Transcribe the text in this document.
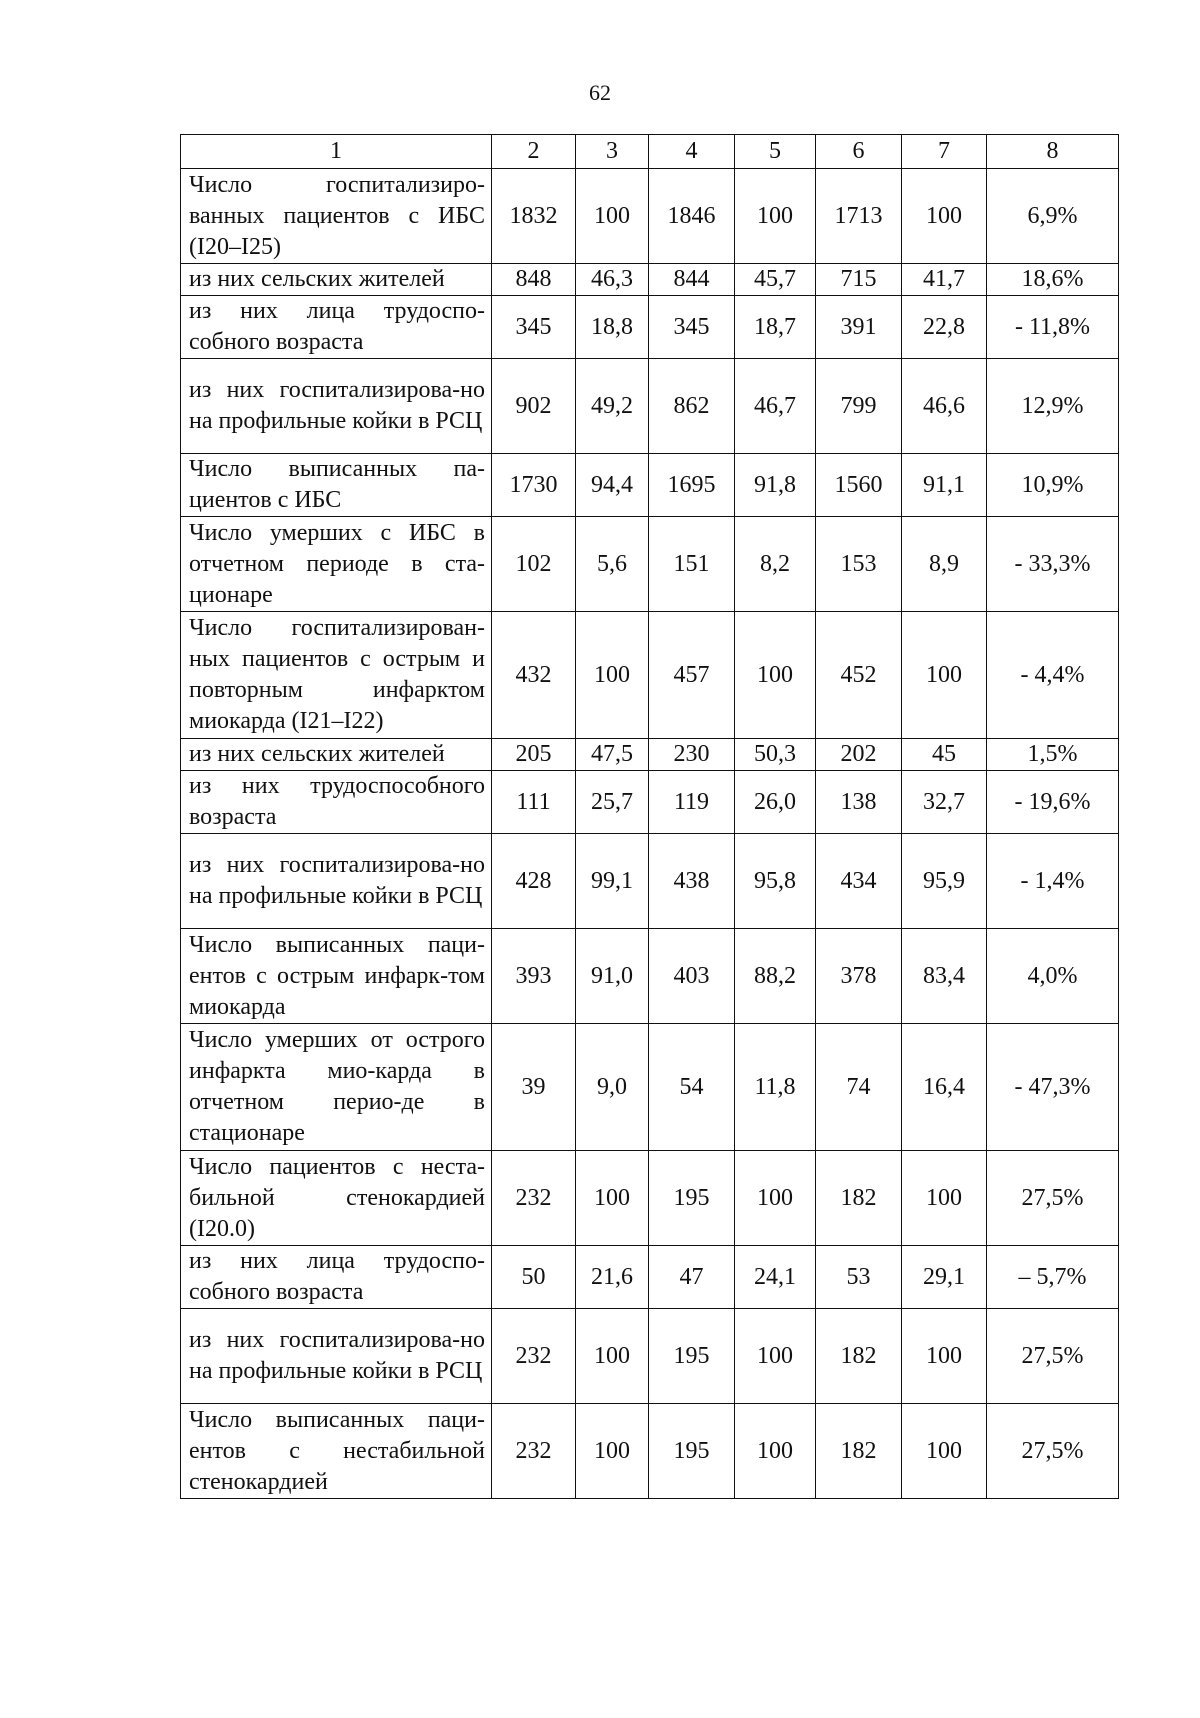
62
1	2	3	4	5	6	7	8
Число госпитализиро-ванных пациентов с ИБС (I20–I25)	1832	100	1846	100	1713	100	6,9%
из них сельских жителей	848	46,3	844	45,7	715	41,7	18,6%
из них лица трудоспо-собного возраста	345	18,8	345	18,7	391	22,8	- 11,8%
из них госпитализирова-но на профильные койки в РСЦ	902	49,2	862	46,7	799	46,6	12,9%
Число выписанных па-циентов с ИБС	1730	94,4	1695	91,8	1560	91,1	10,9%
Число умерших с ИБС в отчетном периоде в ста-ционаре	102	5,6	151	8,2	153	8,9	- 33,3%
Число госпитализирован-ных пациентов с острым и повторным инфарктом миокарда (I21–I22)	432	100	457	100	452	100	- 4,4%
из них сельских жителей	205	47,5	230	50,3	202	45	1,5%
из них трудоспособного возраста	111	25,7	119	26,0	138	32,7	- 19,6%
из них госпитализирова-но на профильные койки в РСЦ	428	99,1	438	95,8	434	95,9	- 1,4%
Число выписанных паци-ентов с острым инфарк-том миокарда	393	91,0	403	88,2	378	83,4	4,0%
Число умерших от острого инфаркта мио-карда в отчетном перио-де в стационаре	39	9,0	54	11,8	74	16,4	- 47,3%
Число пациентов с неста-бильной стенокардией (I20.0)	232	100	195	100	182	100	27,5%
из них лица трудоспо-собного возраста	50	21,6	47	24,1	53	29,1	– 5,7%
из них госпитализирова-но на профильные койки в РСЦ	232	100	195	100	182	100	27,5%
Число выписанных паци-ентов с нестабильной стенокардией	232	100	195	100	182	100	27,5%
